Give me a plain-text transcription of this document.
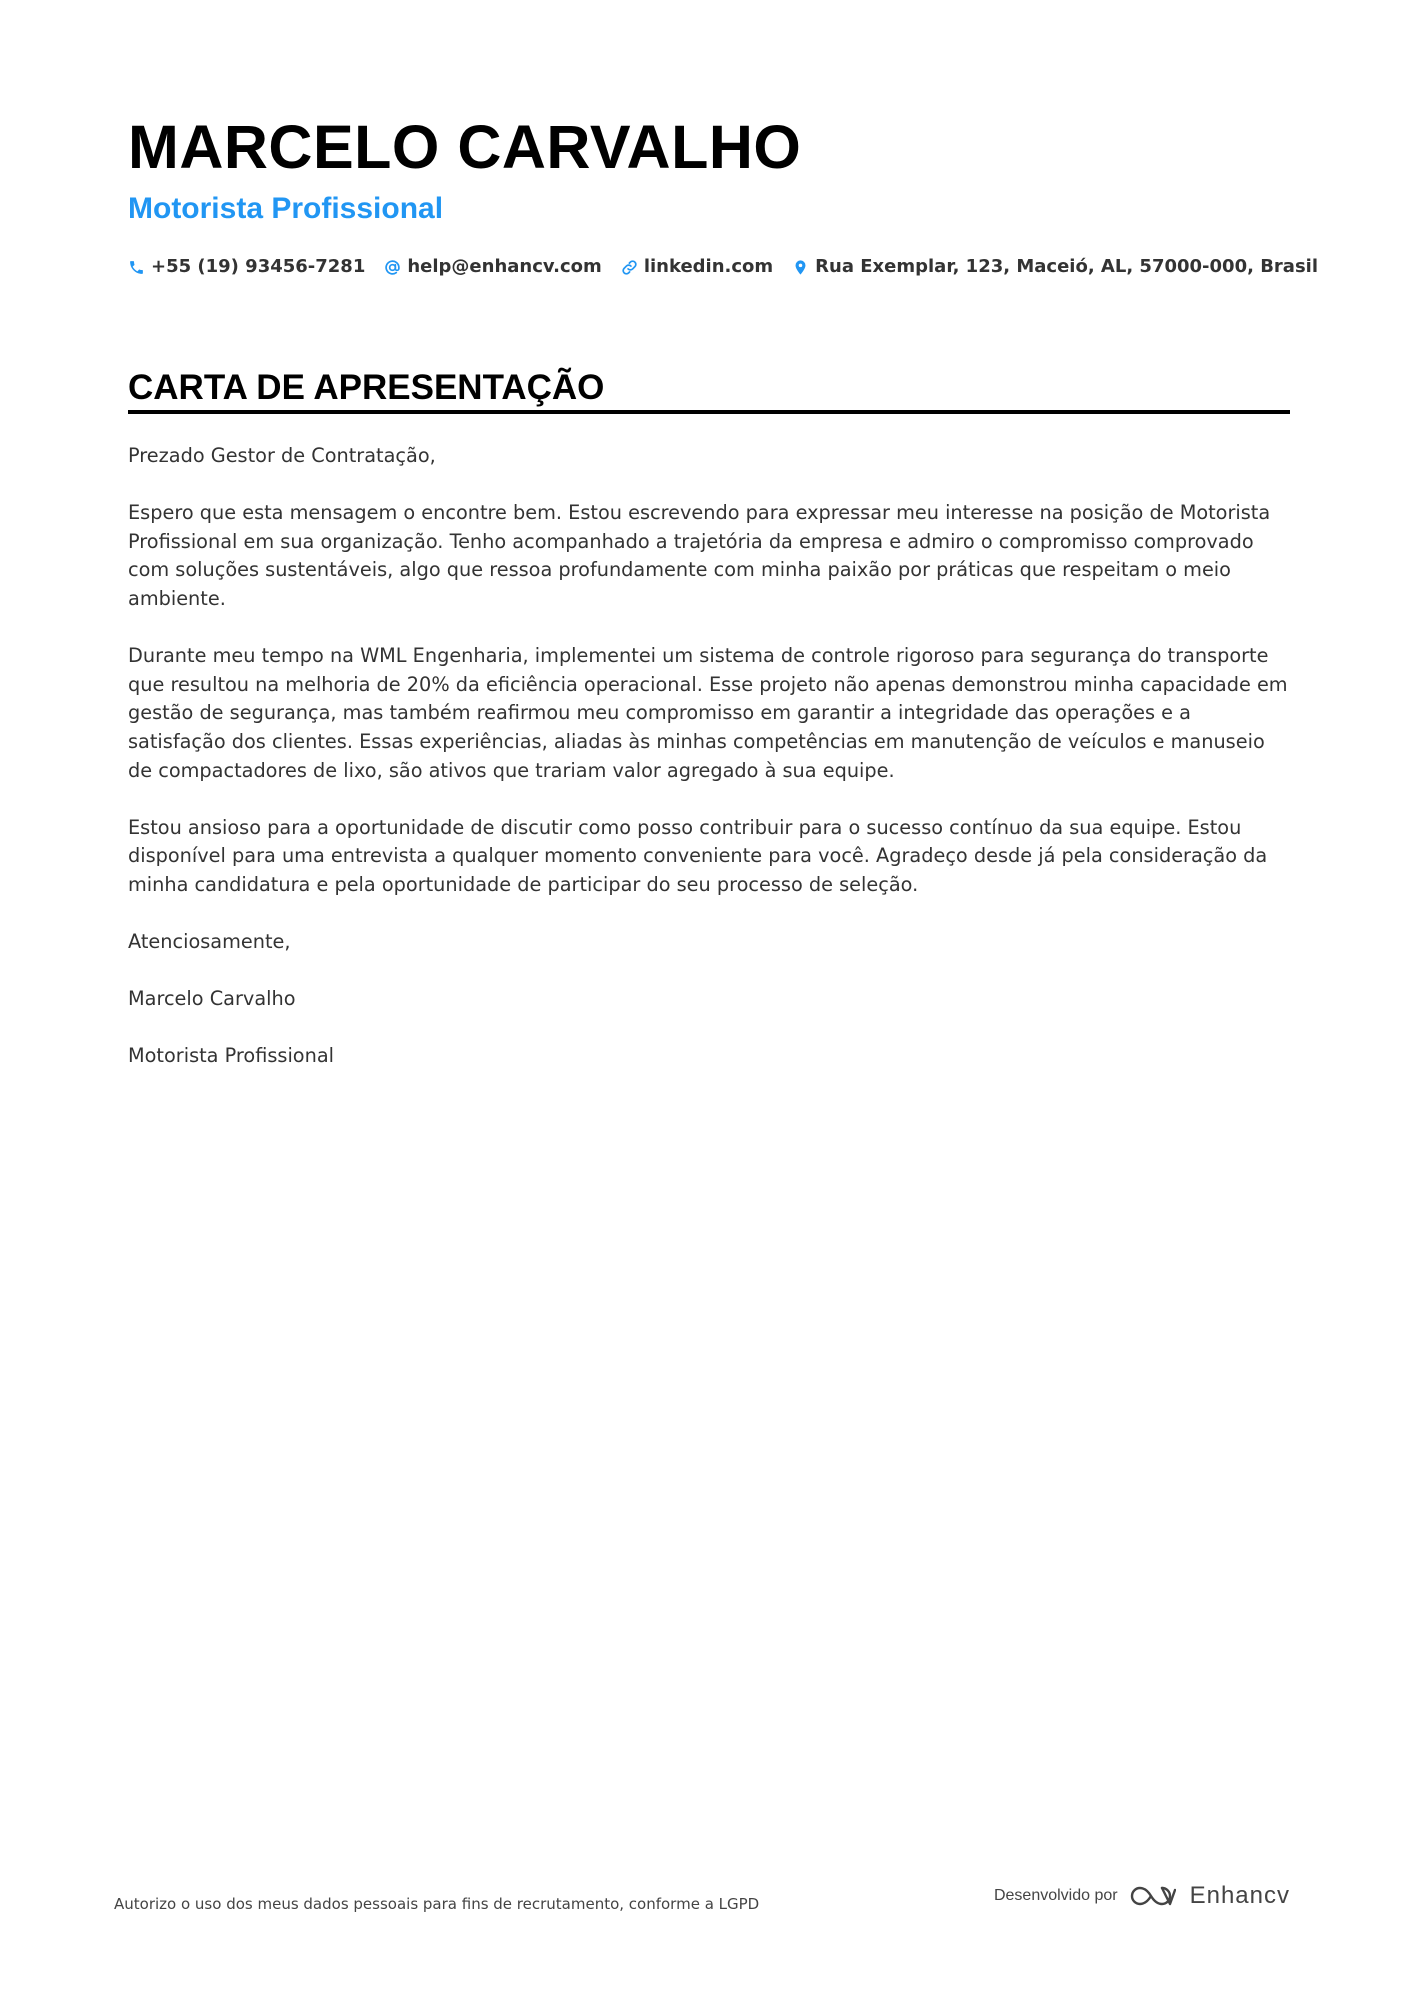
MARCELO CARVALHO
Motorista Profissional
+55 (19) 93456-7281 help@enhancv.com linkedin.com Rua Exemplar, 123, Maceió, AL, 57000-000, Brasil
CARTA DE APRESENTAÇÃO

Prezado Gestor de Contratação,

Espero que esta mensagem o encontre bem. Estou escrevendo para expressar meu interesse na posição de Motorista Profissional em sua organização. Tenho acompanhado a trajetória da empresa e admiro o compromisso comprovado com soluções sustentáveis, algo que ressoa profundamente com minha paixão por práticas que respeitam o meio ambiente.

Durante meu tempo na WML Engenharia, implementei um sistema de controle rigoroso para segurança do transporte que resultou na melhoria de 20% da eficiência operacional. Esse projeto não apenas demonstrou minha capacidade em gestão de segurança, mas também reafirmou meu compromisso em garantir a integridade das operações e a satisfação dos clientes. Essas experiências, aliadas às minhas competências em manutenção de veículos e manuseio de compactadores de lixo, são ativos que trariam valor agregado à sua equipe.

Estou ansioso para a oportunidade de discutir como posso contribuir para o sucesso contínuo da sua equipe. Estou disponível para uma entrevista a qualquer momento conveniente para você. Agradeço desde já pela consideração da minha candidatura e pela oportunidade de participar do seu processo de seleção.

Atenciosamente,

Marcelo Carvalho

Motorista Profissional

Autorizo o uso dos meus dados pessoais para fins de recrutamento, conforme a LGPD	Desenvolvido por	Enhancv
